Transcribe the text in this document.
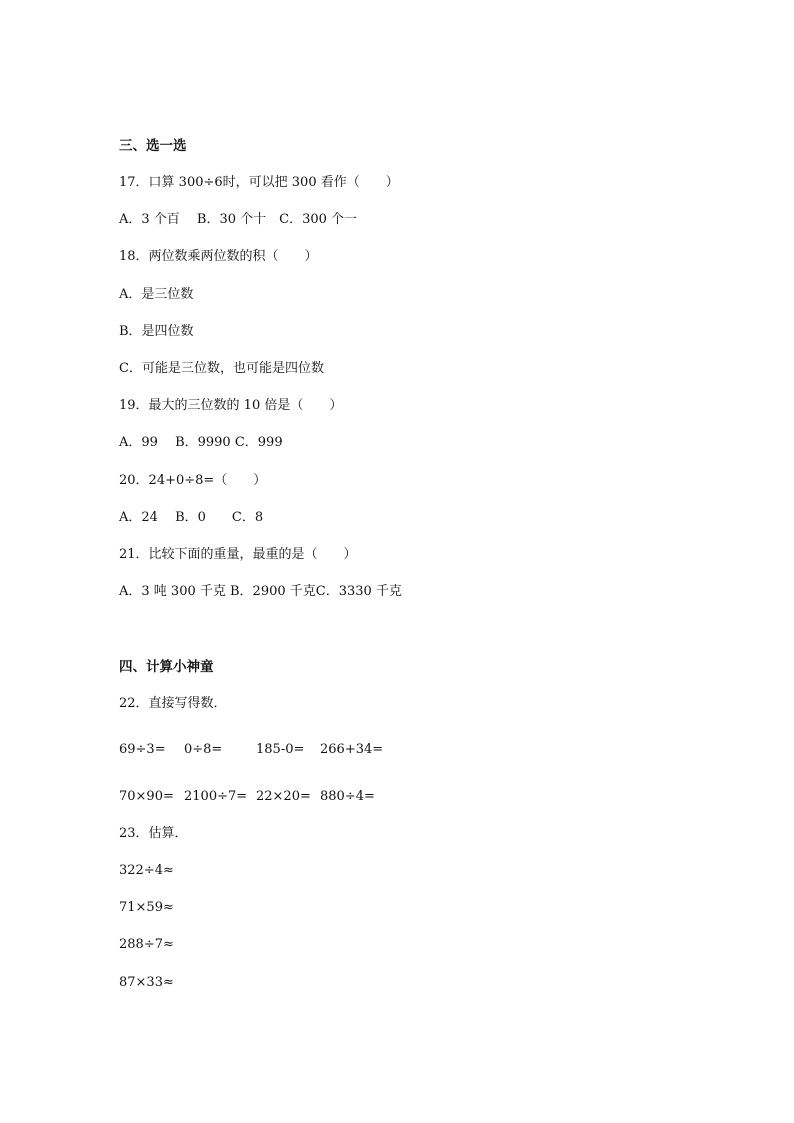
三、选一选
17．口算 300÷6时，可以把 300 看作（　　）
A．3 个百　 B．30 个十　C．300 个一
18．两位数乘两位数的积（　　）
A．是三位数
B．是四位数
C．可能是三位数，也可能是四位数
19．最大的三位数的 10 倍是（　　）
A．99　 B．9990 C．999
20．24+0÷8=（　　）
A．24　 B．0　　C．8
21．比较下面的重量，最重的是（　　）
A．3 吨 300 千克 B．2900 千克C．3330 千克
四、计算小神童
22．直接写得数．
69÷3= 0÷8=	185-0= 266+34=
70×90= 2100÷7= 22×20= 880÷4=
23．估算．
322÷4≈
71×59≈
288÷7≈
87×33≈
